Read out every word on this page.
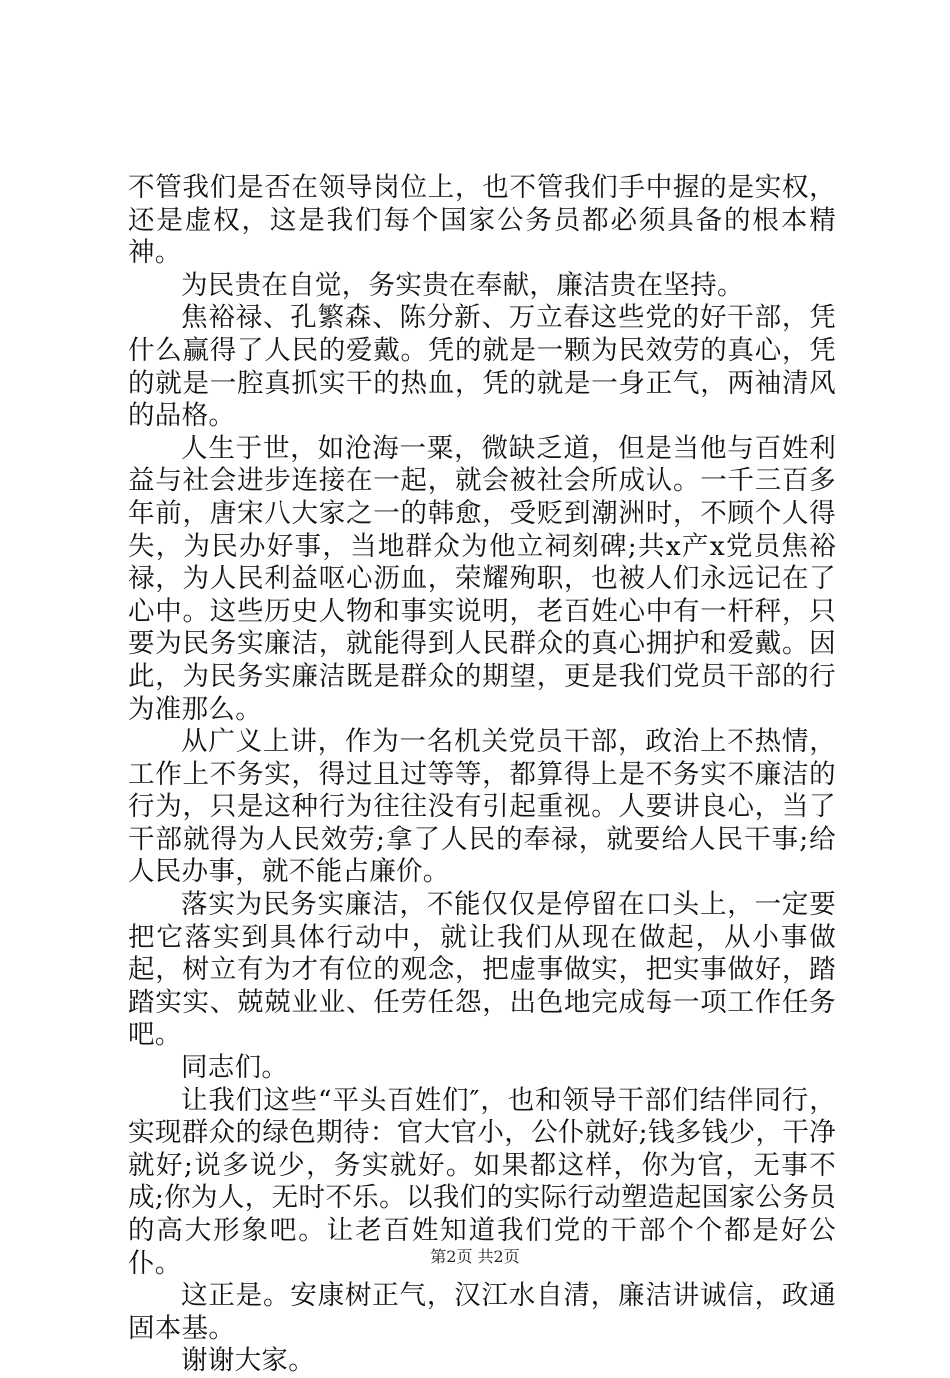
不管我们是否在领导岗位上，也不管我们手中握的是实权，还是虚权，这是我们每个国家公务员都必须具备的根本精神。

为民贵在自觉，务实贵在奉献，廉洁贵在坚持。

焦裕禄、孔繁森、陈分新、万立春这些党的好干部，凭什么赢得了人民的爱戴。凭的就是一颗为民效劳的真心，凭的就是一腔真抓实干的热血，凭的就是一身正气，两袖清风的品格。

人生于世，如沧海一粟，微缺乏道，但是当他与百姓利益与社会进步连接在一起，就会被社会所成认。一千三百多年前，唐宋八大家之一的韩愈，受贬到潮洲时，不顾个人得失，为民办好事，当地群众为他立祠刻碑;共x产x党员焦裕禄，为人民利益呕心沥血，荣耀殉职，也被人们永远记在了心中。这些历史人物和事实说明，老百姓心中有一杆秤，只要为民务实廉洁，就能得到人民群众的真心拥护和爱戴。因此，为民务实廉洁既是群众的期望，更是我们党员干部的行为准那么。

从广义上讲，作为一名机关党员干部，政治上不热情，工作上不务实，得过且过等等，都算得上是不务实不廉洁的行为，只是这种行为往往没有引起重视。人要讲良心，当了干部就得为人民效劳;拿了人民的奉禄，就要给人民干事;给人民办事，就不能占廉价。

落实为民务实廉洁，不能仅仅是停留在口头上，一定要把它落实到具体行动中，就让我们从现在做起，从小事做起，树立有为才有位的观念，把虚事做实，把实事做好，踏踏实实、兢兢业业、任劳任怨，出色地完成每一项工作任务吧。

同志们。

让我们这些“平头百姓们″，也和领导干部们结伴同行，实现群众的绿色期待：官大官小，公仆就好;钱多钱少，干净就好;说多说少，务实就好。如果都这样，你为官，无事不成;你为人，无时不乐。以我们的实际行动塑造起国家公务员的高大形象吧。让老百姓知道我们党的干部个个都是好公仆。

这正是。安康树正气，汉江水自清，廉洁讲诚信，政通固本基。

谢谢大家。

第2页 共2页
